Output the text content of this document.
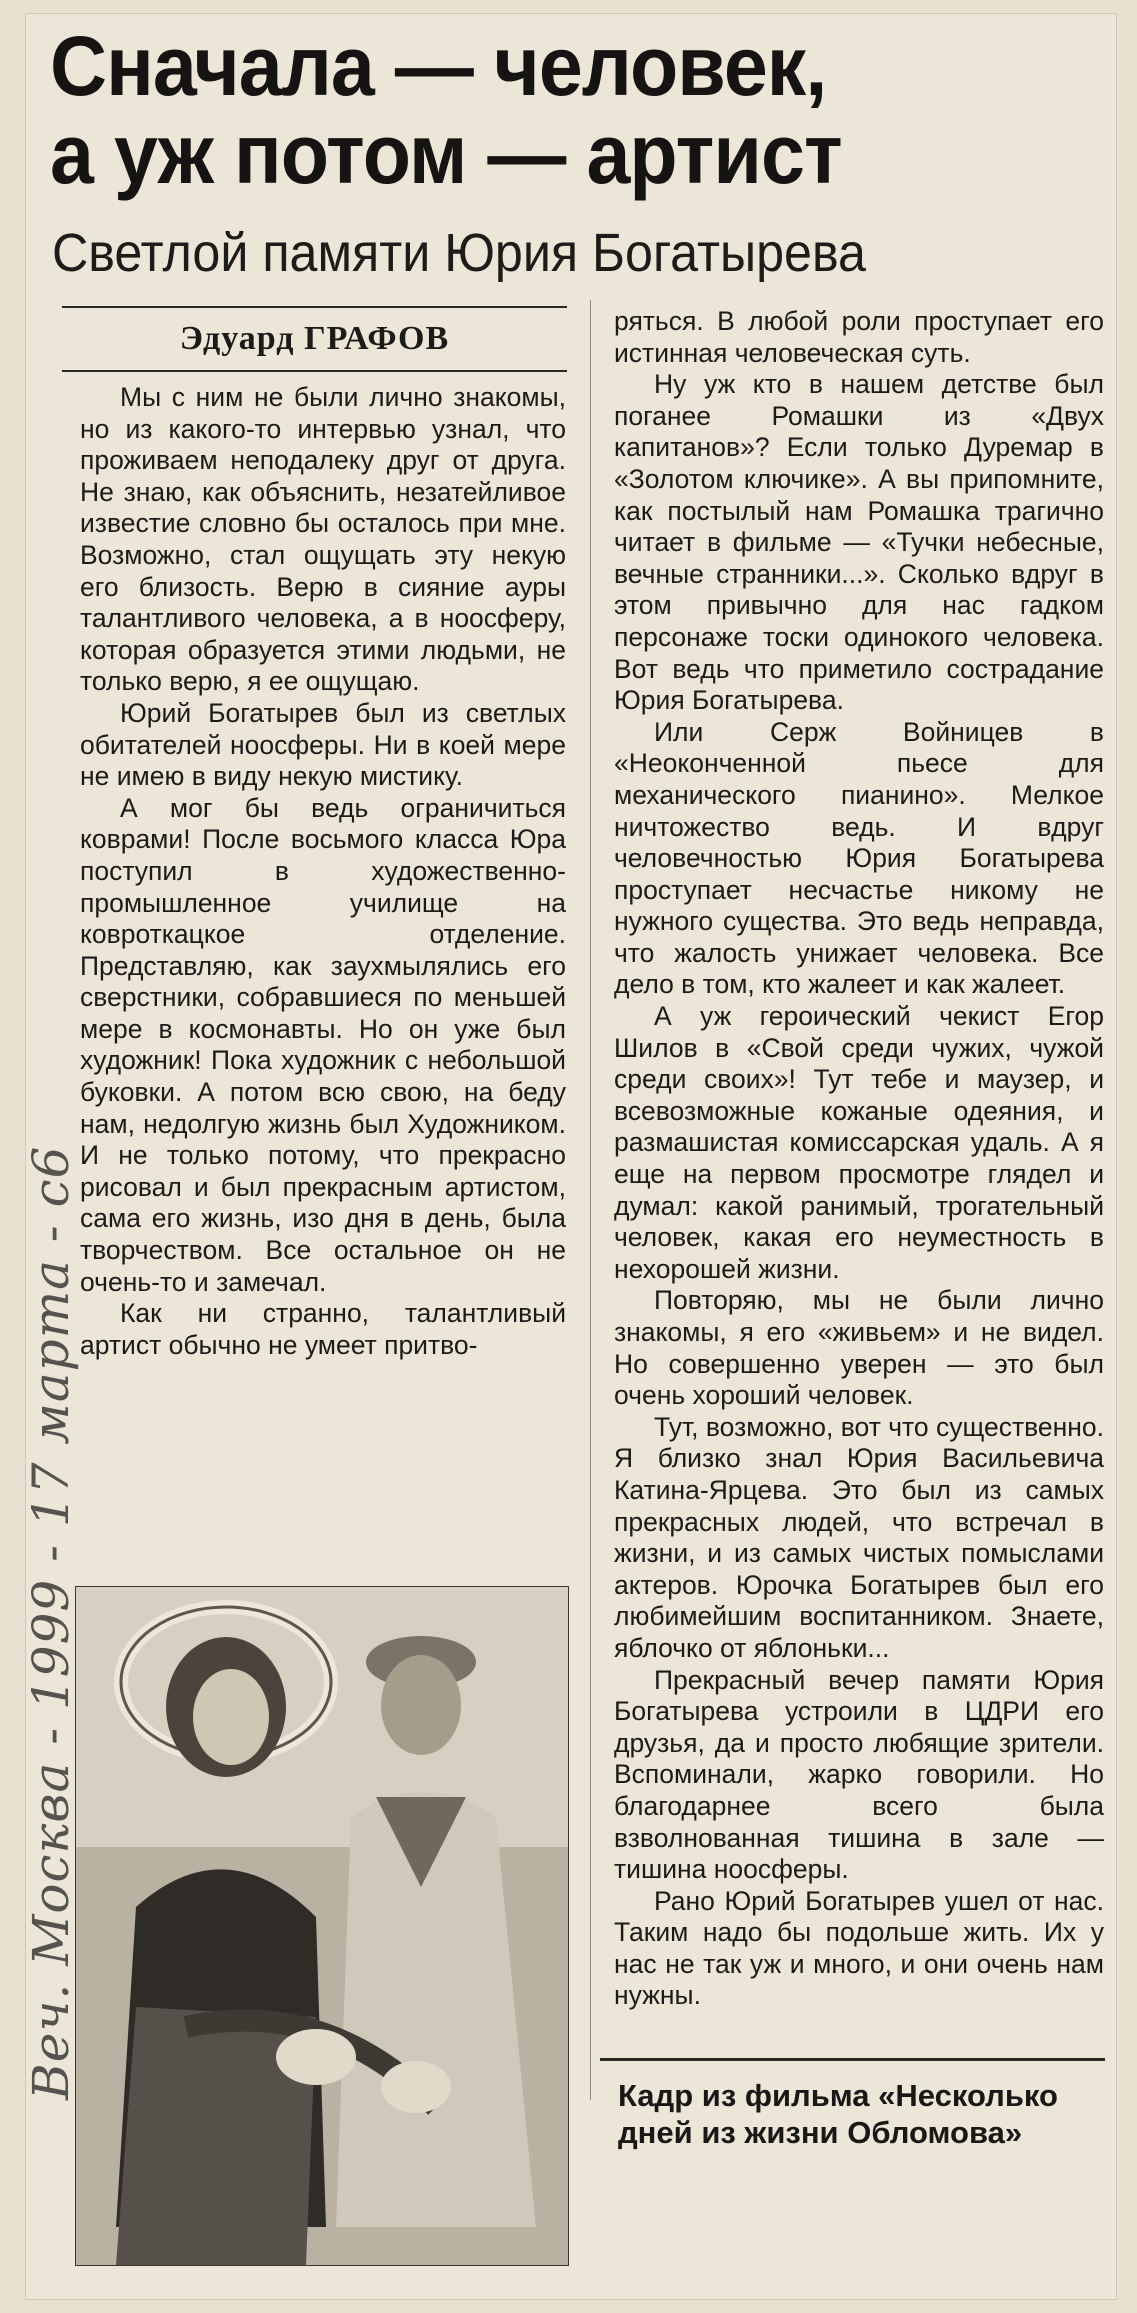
Сначала — человек,
а уж потом — артист
Светлой памяти Юрия Богатырева
Эдуард ГРАФОВ

Мы с ним не были лично знакомы, но из какого-то интервью узнал, что проживаем неподалеку друг от друга. Не знаю, как объяснить, незатейливое известие словно бы осталось при мне. Возможно, стал ощущать эту некую его близость. Верю в сияние ауры талантливого человека, а в ноосферу, которая образуется этими людьми, не только верю, я ее ощущаю.

Юрий Богатырев был из светлых обитателей ноосферы. Ни в коей мере не имею в виду некую мистику.

А мог бы ведь ограничиться коврами! После восьмого класса Юра поступил в художественно-промышленное училище на ковроткацкое отделение. Представляю, как заухмылялись его сверстники, собравшиеся по меньшей мере в космонавты. Но он уже был художник! Пока художник с небольшой буковки. А потом всю свою, на беду нам, недолгую жизнь был Художником. И не только потому, что прекрасно рисовал и был прекрасным артистом, сама его жизнь, изо дня в день, была творчеством. Все остальное он не очень-то и замечал.

Как ни странно, талантливый артист обычно не умеет притво-

ряться. В любой роли проступает его истинная человеческая суть.

Ну уж кто в нашем детстве был поганее Ромашки из «Двух капитанов»? Если только Дуремар в «Золотом ключике». А вы припомните, как постылый нам Ромашка трагично читает в фильме — «Тучки небесные, вечные странники...». Сколько вдруг в этом привычно для нас гадком персонаже тоски одинокого человека. Вот ведь что приметило сострадание Юрия Богатырева.

Или Серж Войницев в «Неоконченной пьесе для механического пианино». Мелкое ничтожество ведь. И вдруг человечностью Юрия Богатырева проступает несчастье никому не нужного существа. Это ведь неправда, что жалость унижает человека. Все дело в том, кто жалеет и как жалеет.

А уж героический чекист Егор Шилов в «Свой среди чужих, чужой среди своих»! Тут тебе и маузер, и всевозможные кожаные одеяния, и размашистая комиссарская удаль. А я еще на первом просмотре глядел и думал: какой ранимый, трогательный человек, какая его неуместность в нехорошей жизни.

Повторяю, мы не были лично знакомы, я его «живьем» и не видел. Но совершенно уверен — это был очень хороший человек.

Тут, возможно, вот что существенно. Я близко знал Юрия Васильевича Катина-Ярцева. Это был из самых прекрасных людей, что встречал в жизни, и из самых чистых помыслами актеров. Юрочка Богатырев был его любимейшим воспитанником. Знаете, яблочко от яблоньки...

Прекрасный вечер памяти Юрия Богатырева устроили в ЦДРИ его друзья, да и просто любящие зрители. Вспоминали, жарко говорили. Но благодарнее всего была взволнованная тишина в зале — тишина ноосферы.

Рано Юрий Богатырев ушел от нас. Таким надо бы подольше жить. Их у нас не так уж и много, и они очень нам нужны.

Кадр из фильма «Несколько дней из жизни Обломова»
Веч. Москва - 1999 - 17 марта - с6
